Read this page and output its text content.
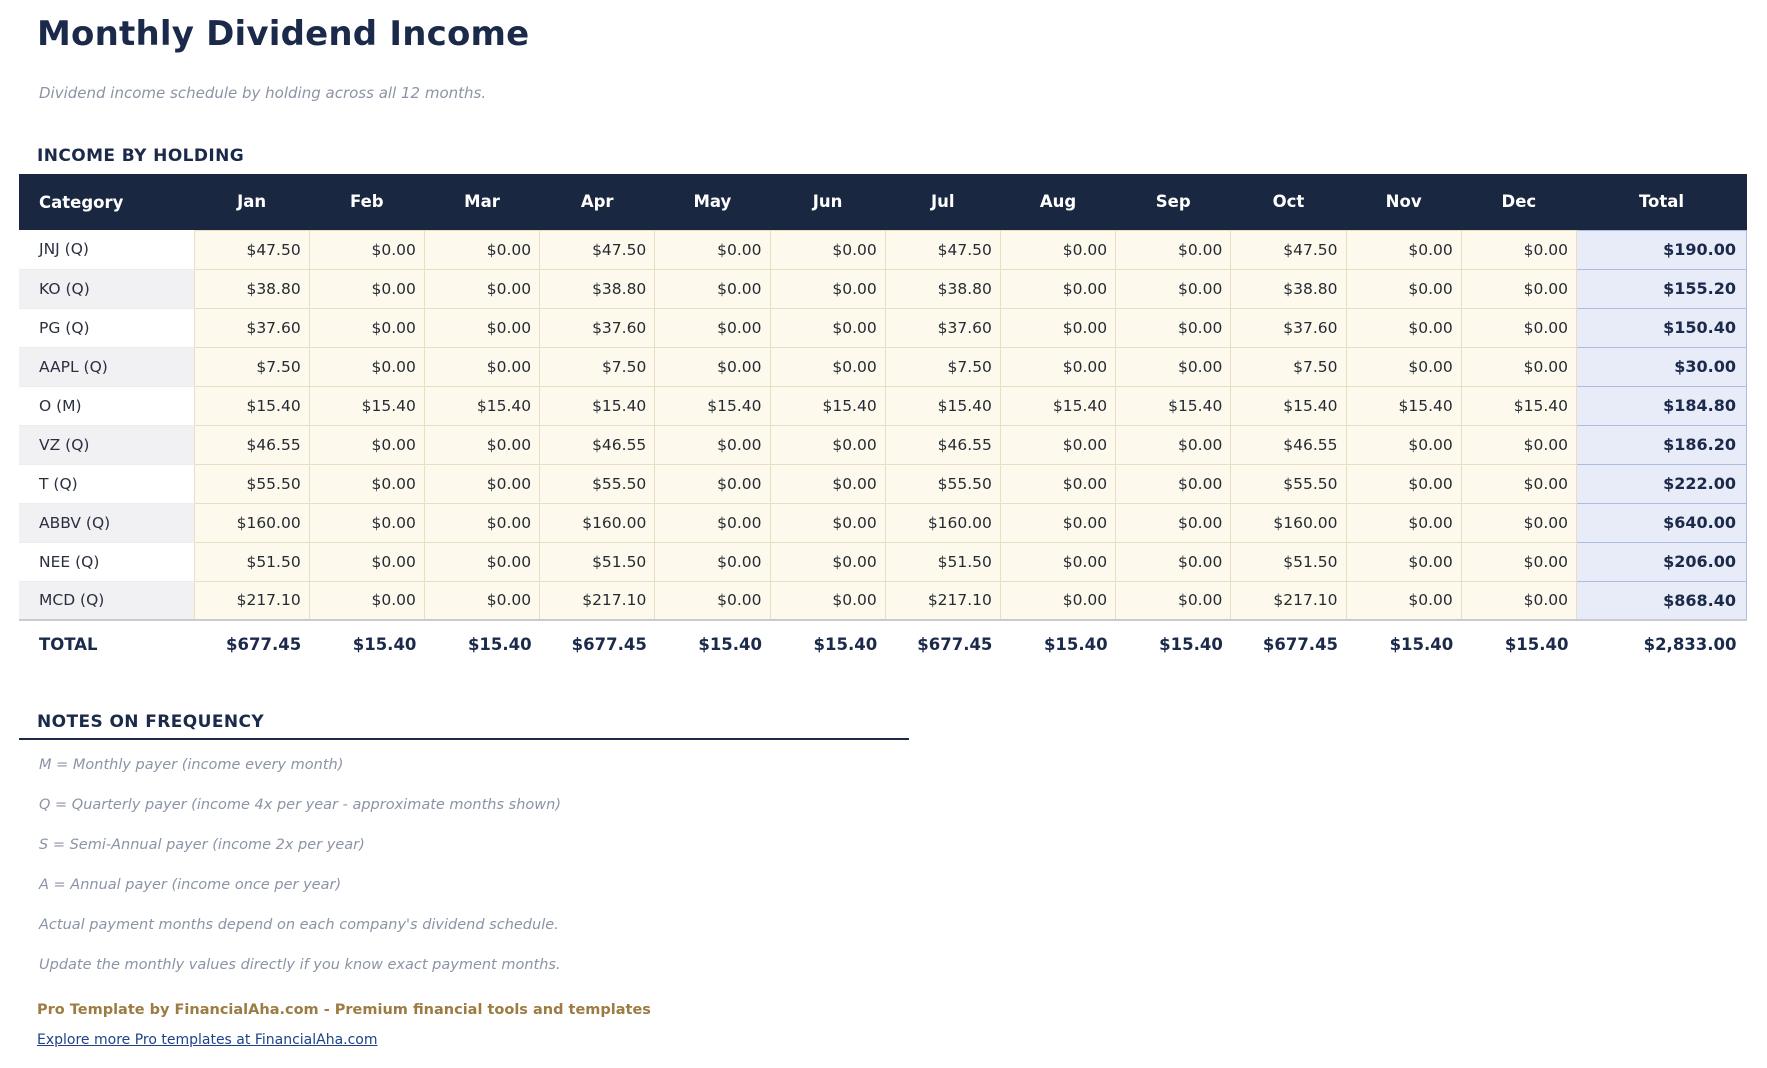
Monthly Dividend Income

Dividend income schedule by holding across all 12 months.

INCOME BY HOLDING
Category	Jan	Feb	Mar	Apr	May	Jun	Jul	Aug	Sep	Oct	Nov	Dec	Total
JNJ (Q)	$47.50	$0.00	$0.00	$47.50	$0.00	$0.00	$47.50	$0.00	$0.00	$47.50	$0.00	$0.00	$190.00
KO (Q)	$38.80	$0.00	$0.00	$38.80	$0.00	$0.00	$38.80	$0.00	$0.00	$38.80	$0.00	$0.00	$155.20
PG (Q)	$37.60	$0.00	$0.00	$37.60	$0.00	$0.00	$37.60	$0.00	$0.00	$37.60	$0.00	$0.00	$150.40
AAPL (Q)	$7.50	$0.00	$0.00	$7.50	$0.00	$0.00	$7.50	$0.00	$0.00	$7.50	$0.00	$0.00	$30.00
O (M)	$15.40	$15.40	$15.40	$15.40	$15.40	$15.40	$15.40	$15.40	$15.40	$15.40	$15.40	$15.40	$184.80
VZ (Q)	$46.55	$0.00	$0.00	$46.55	$0.00	$0.00	$46.55	$0.00	$0.00	$46.55	$0.00	$0.00	$186.20
T (Q)	$55.50	$0.00	$0.00	$55.50	$0.00	$0.00	$55.50	$0.00	$0.00	$55.50	$0.00	$0.00	$222.00
ABBV (Q)	$160.00	$0.00	$0.00	$160.00	$0.00	$0.00	$160.00	$0.00	$0.00	$160.00	$0.00	$0.00	$640.00
NEE (Q)	$51.50	$0.00	$0.00	$51.50	$0.00	$0.00	$51.50	$0.00	$0.00	$51.50	$0.00	$0.00	$206.00
MCD (Q)	$217.10	$0.00	$0.00	$217.10	$0.00	$0.00	$217.10	$0.00	$0.00	$217.10	$0.00	$0.00	$868.40
TOTAL	$677.45	$15.40	$15.40	$677.45	$15.40	$15.40	$677.45	$15.40	$15.40	$677.45	$15.40	$15.40	$2,833.00
NOTES ON FREQUENCY

M = Monthly payer (income every month)

Q = Quarterly payer (income 4x per year - approximate months shown)

S = Semi-Annual payer (income 2x per year)

A = Annual payer (income once per year)

Actual payment months depend on each company's dividend schedule.

Update the monthly values directly if you know exact payment months.

Pro Template by FinancialAha.com - Premium financial tools and templates

Explore more Pro templates at FinancialAha.com
